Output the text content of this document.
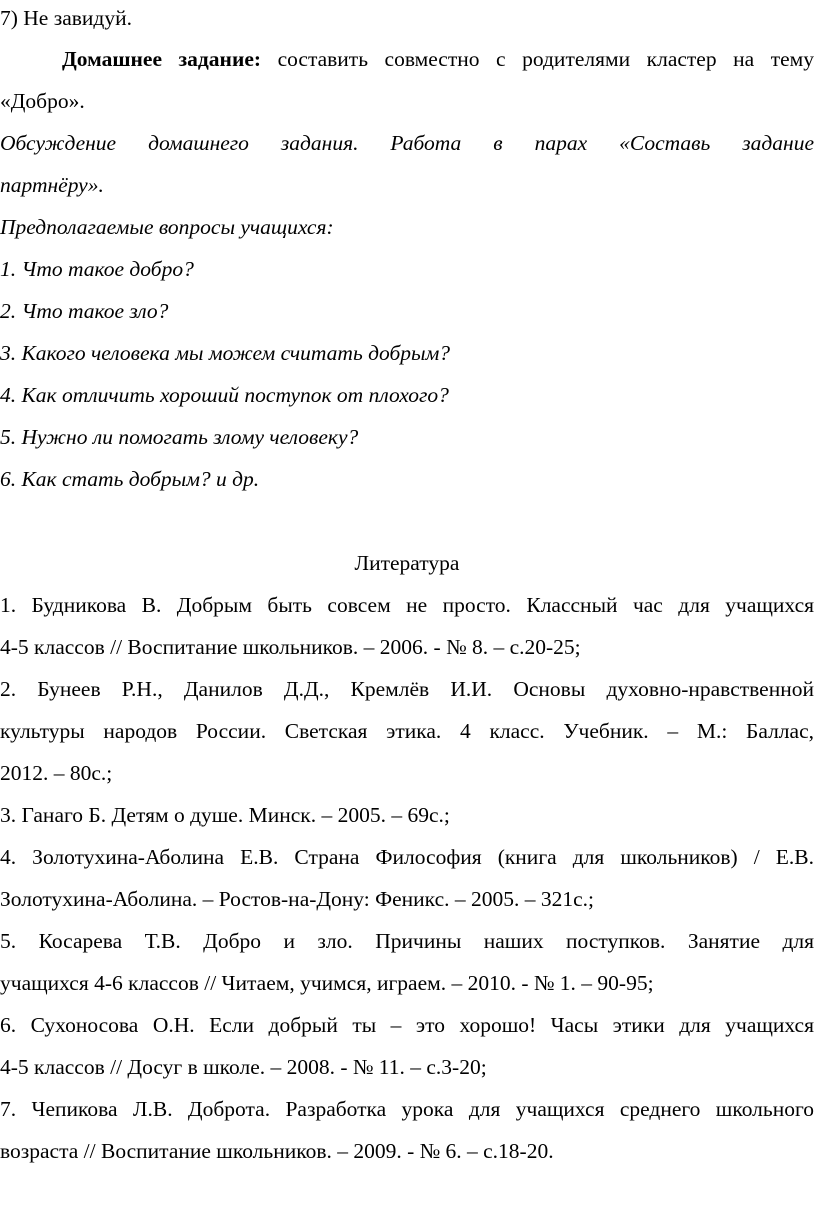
7) Не завидуй.
Домашнее задание: составить совместно с родителями кластер на тему
«Добро».
Обсуждение домашнего задания. Работа в парах «Составь задание
партнёру».
Предполагаемые вопросы учащихся:
1. Что такое добро?
2. Что такое зло?
3. Какого человека мы можем считать добрым?
4. Как отличить хороший поступок от плохого?
5. Нужно ли помогать злому человеку?
6. Как стать добрым? и др.
Литература
1. Будникова В. Добрым быть совсем не просто. Классный час для учащихся
4-5 классов // Воспитание школьников. – 2006. - № 8. – с.20-25;
2. Бунеев Р.Н., Данилов Д.Д., Кремлёв И.И. Основы духовно-нравственной
культуры народов России. Светская этика. 4 класс. Учебник. – М.: Баллас,
2012. – 80с.;
3. Ганаго Б. Детям о душе. Минск. – 2005. – 69с.;
4. Золотухина-Аболина Е.В. Страна Философия (книга для школьников) / Е.В.
Золотухина-Аболина. – Ростов-на-Дону: Феникс. – 2005. – 321с.;
5. Косарева Т.В. Добро и зло. Причины наших поступков. Занятие для
учащихся 4-6 классов // Читаем, учимся, играем. – 2010. - № 1. – 90-95;
6. Сухоносова О.Н. Если добрый ты – это хорошо! Часы этики для учащихся
4-5 классов // Досуг в школе. – 2008. - № 11. – с.3-20;
7. Чепикова Л.В. Доброта. Разработка урока для учащихся среднего школьного
возраста // Воспитание школьников. – 2009. - № 6. – с.18-20.
